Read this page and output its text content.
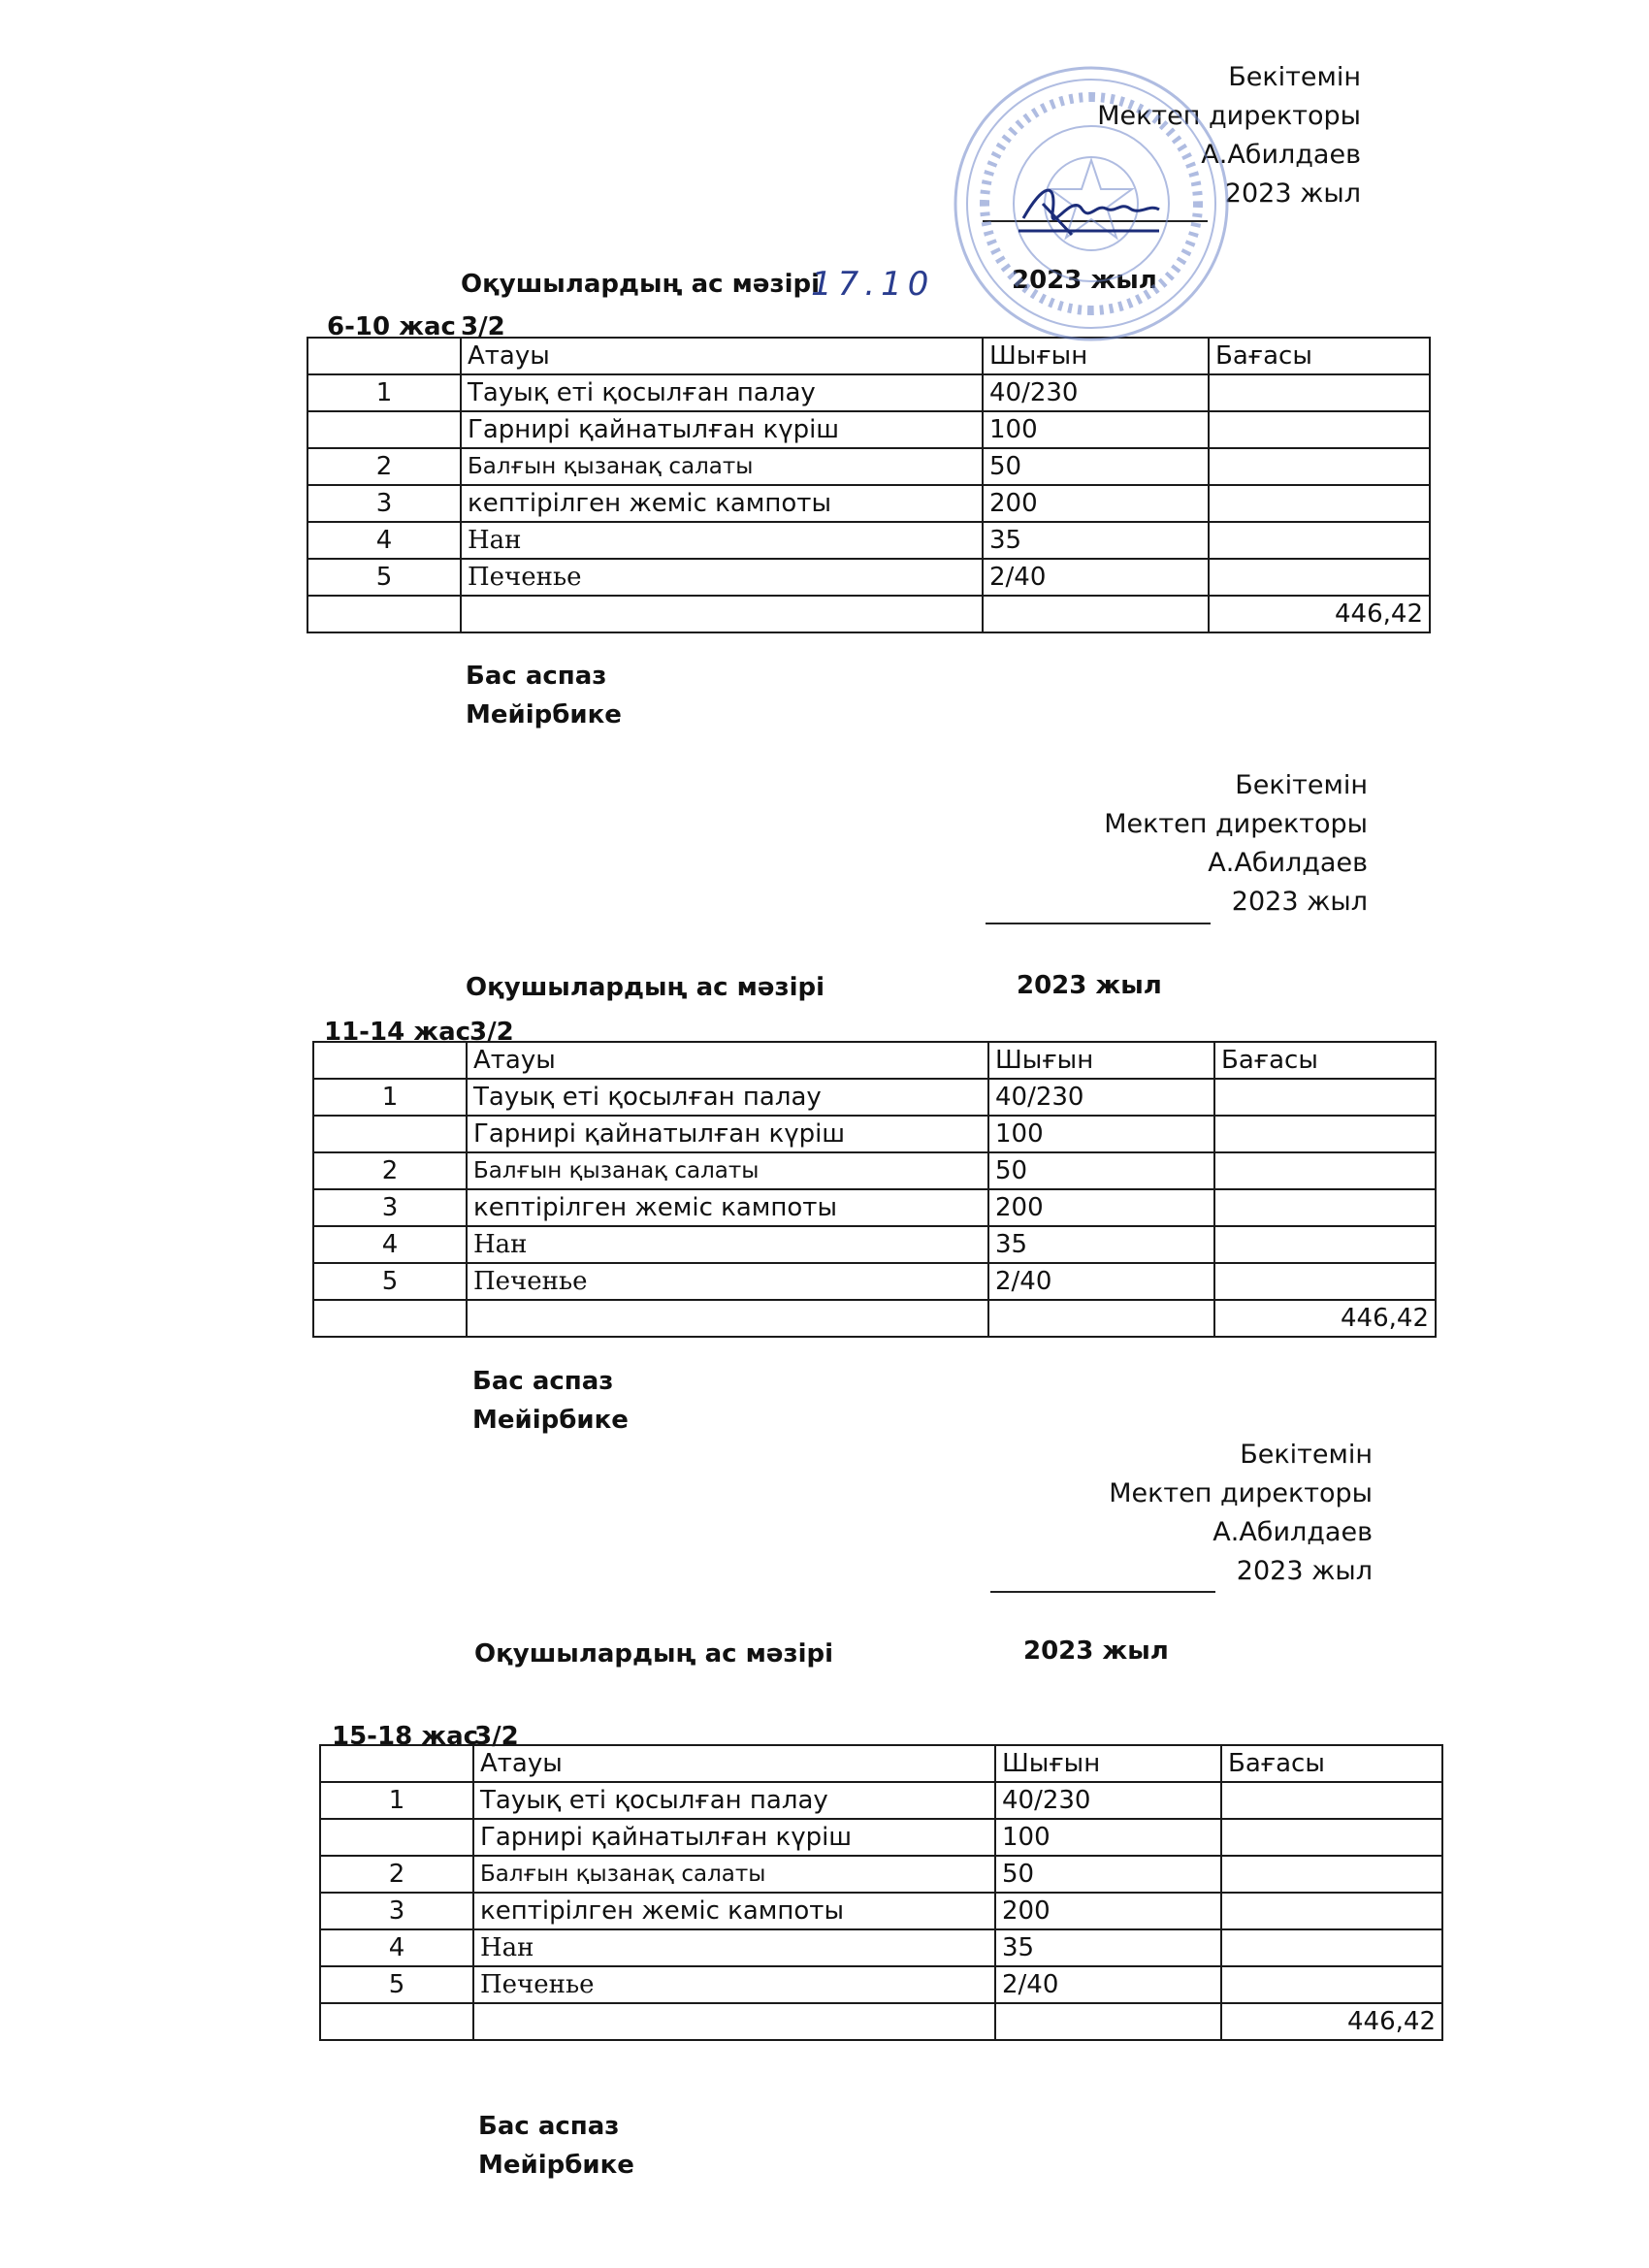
Бекітемін
Мектеп директоры
А.Абилдаев
2023 жыл
Оқушылардың ас мәзірі	2023 жыл
6-10 жас 3/2
	Атауы	Шығын	Бағасы
1	Тауық еті қосылған палау	40/230	
	Гарнирі қайнатылған күріш	100	
2	Балғын қызанақ салаты	50	
3	кептірілген жеміс кампоты	200	
4	Нан	35	
5	Печенье	2/40	
			446,42
Бас аспаз
Мейірбике
Бекітемін
Мектеп директоры
А.Абилдаев
2023 жыл
Оқушылардың ас мәзірі	2023 жыл
11-14 жас
3/2
	Атауы	Шығын	Бағасы
1	Тауық еті қосылған палау	40/230	
	Гарнирі қайнатылған күріш	100	
2	Балғын қызанақ салаты	50	
3	кептірілген жеміс кампоты	200	
4	Нан	35	
5	Печенье	2/40	
			446,42
Бас аспаз
Мейірбике
Бекітемін
Мектеп директоры
А.Абилдаев
2023 жыл
Оқушылардың ас мәзірі	2023 жыл
15-18 жас
3/2
	Атауы	Шығын	Бағасы
1	Тауық еті қосылған палау	40/230	
	Гарнирі қайнатылған күріш	100	
2	Балғын қызанақ салаты	50	
3	кептірілген жеміс кампоты	200	
4	Нан	35	
5	Печенье	2/40	
			446,42
Бас аспаз
Мейірбике
17.10
